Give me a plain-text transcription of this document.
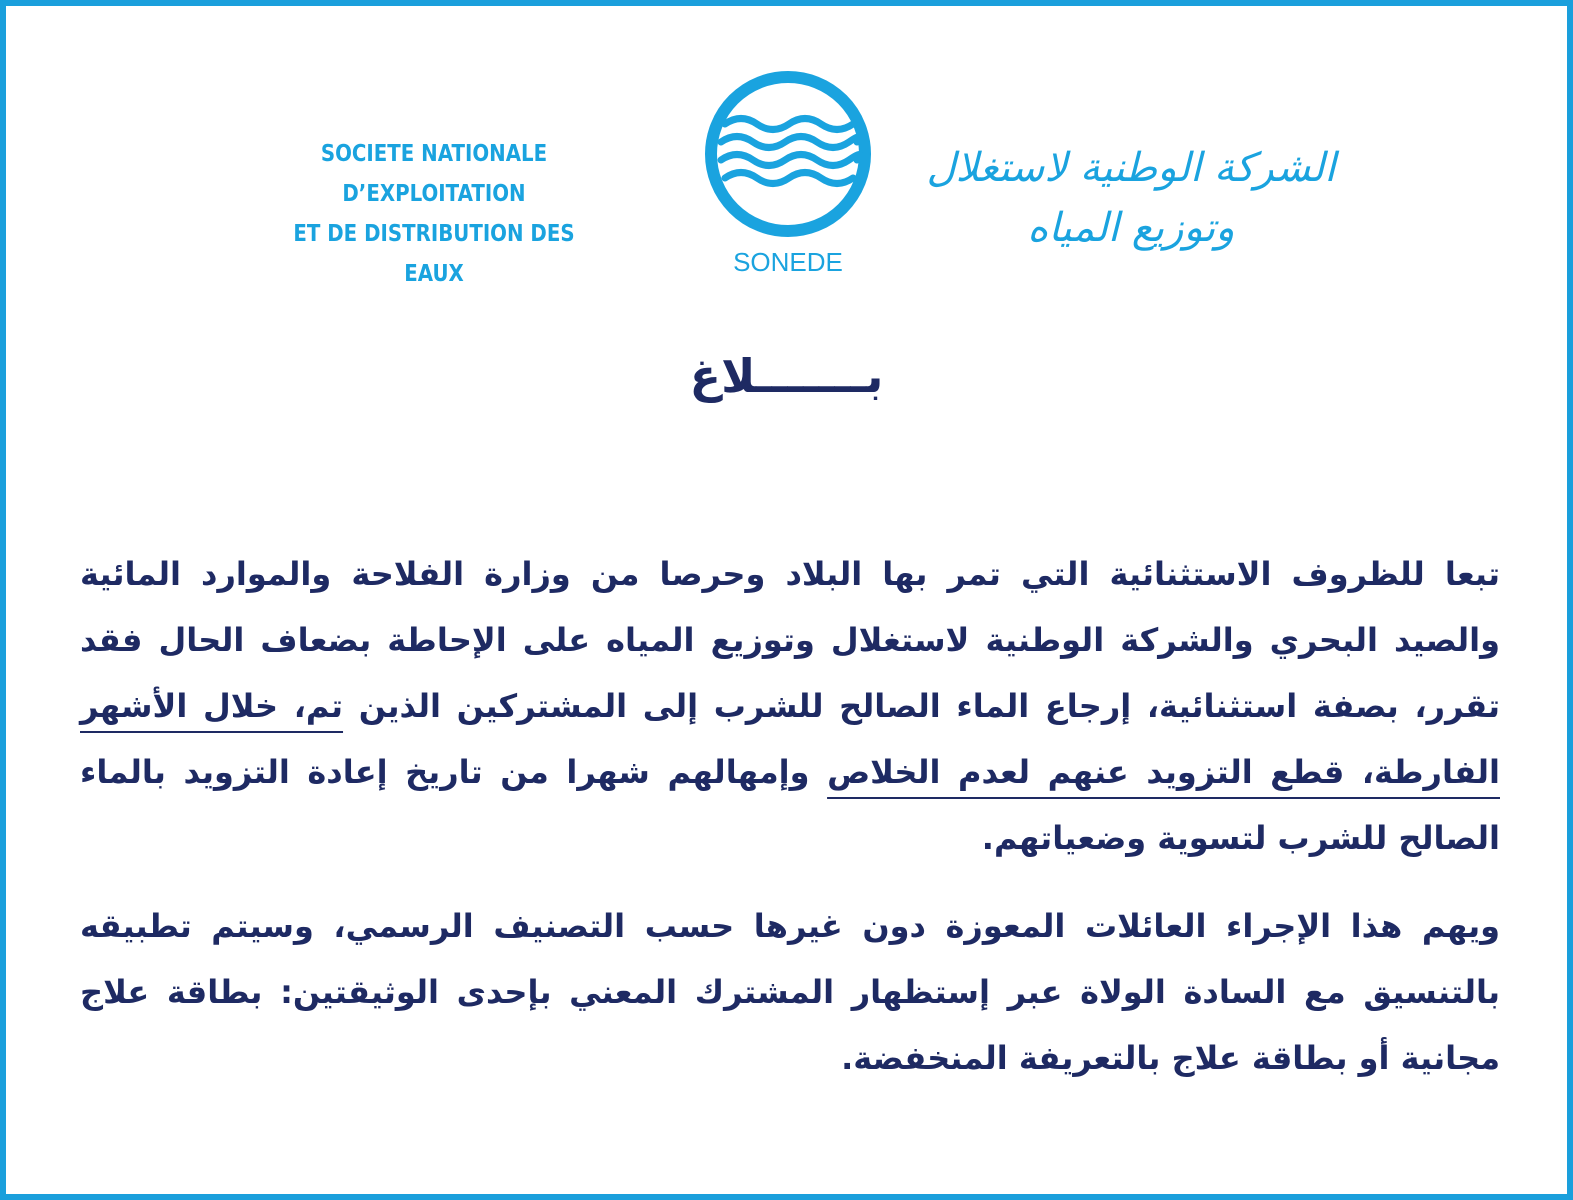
SOCIETE NATIONALE D’EXPLOITATION
ET DE DISTRIBUTION DES EAUX	SONEDE
الشركة الوطنية لاستغلال وتوزيع المياه
بـــــــلاغ

تبعا للظروف الاستثنائية التي تمر بها البلاد وحرصا من وزارة الفلاحة والموارد المائية والصيد البحري والشركة الوطنية لاستغلال وتوزيع المياه على الإحاطة بضعاف الحال فقد تقرر، بصفة استثنائية، إرجاع الماء الصالح للشرب إلى المشتركين الذين تم، خلال الأشهر الفارطة، قطع التزويد عنهم لعدم الخلاص وإمهالهم شهرا من تاريخ إعادة التزويد بالماء الصالح للشرب لتسوية وضعياتهم.

ويهم هذا الإجراء العائلات المعوزة دون غيرها حسب التصنيف الرسمي، وسيتم تطبيقه بالتنسيق مع السادة الولاة عبر إستظهار المشترك المعني بإحدى الوثيقتين: بطاقة علاج مجانية أو بطاقة علاج بالتعريفة المنخفضة.
